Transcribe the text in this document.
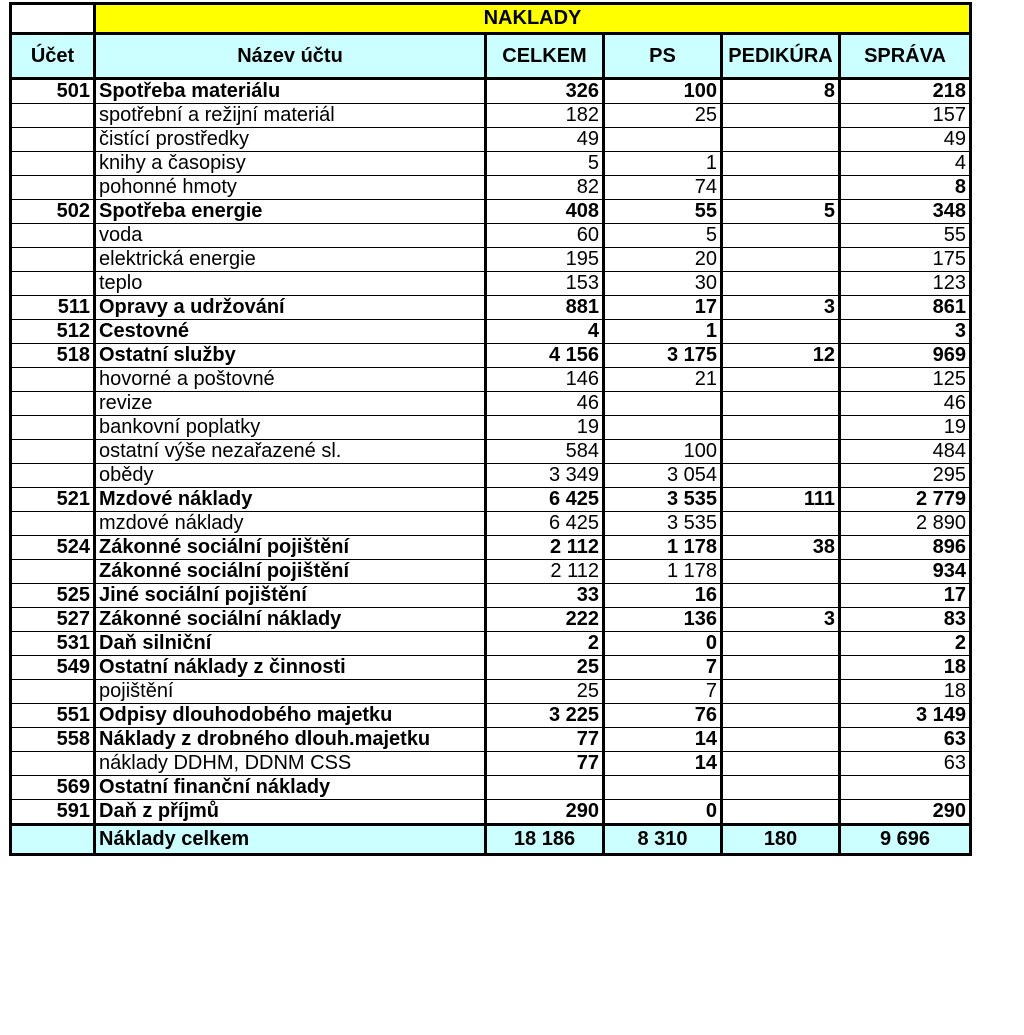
	NAKLADY				
Účet	Název účtu	CELKEM	PS	PEDIKÚRA	SPRÁVA
501	Spotřeba materiálu	326	100	8	218
	spotřební a režijní materiál	182	25		157
	čistící prostředky	49			49
	knihy a časopisy	5	1		4
	pohonné hmoty	82	74		8
502	Spotřeba energie	408	55	5	348
	voda	60	5		55
	elektrická energie	195	20		175
	teplo	153	30		123
511	Opravy a udržování	881	17	3	861
512	Cestovné	4	1		3
518	Ostatní služby	4 156	3 175	12	969
	hovorné a poštovné	146	21		125
	revize	46			46
	bankovní poplatky	19			19
	ostatní výše nezařazené sl.	584	100		484
	obědy	3 349	3 054		295
521	Mzdové náklady	6 425	3 535	111	2 779
	mzdové náklady	6 425	3 535		2 890
524	Zákonné sociální pojištění	2 112	1 178	38	896
	Zákonné sociální pojištění	2 112	1 178		934
525	Jiné sociální pojištění	33	16		17
527	Zákonné sociální náklady	222	136	3	83
531	Daň silniční	2	0		2
549	Ostatní náklady z činnosti	25	7		18
	pojištění	25	7		18
551	Odpisy dlouhodobého majetku	3 225	76		3 149
558	Náklady z drobného dlouh.majetku	77	14		63
	náklady DDHM, DDNM CSS	77	14		63
569	Ostatní finanční náklady				
591	Daň z příjmů	290	0		290
	Náklady celkem	18 186	8 310	180	9 696
